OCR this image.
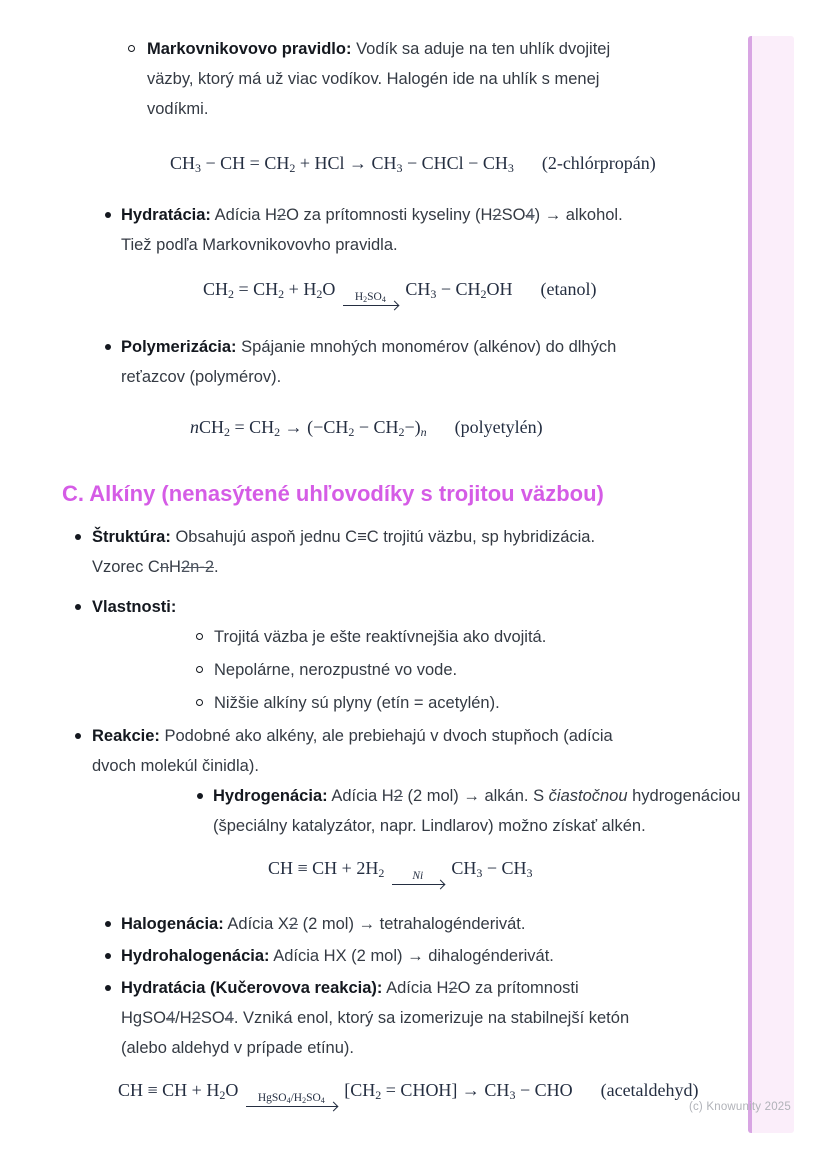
Markovnikovovo pravidlo: Vodík sa aduje na ten uhlík dvojitej
väzby, ktorý má už viac vodíkov. Halogén ide na uhlík s menej
vodíkmi.
$CH_3$ − CH = $CH_2$ + HCl → $CH_3$ − CHCl − $CH_3$ (2-chlórpropán)
Hydratácia: Adícia H2O za prítomnosti kyseliny (H2SO4) → alkohol.
Tiež podľa Markovnikovovho pravidla.
$CH_2 = CH_2 + H_2O$	$H_2SO_4$
$CH_3 - CH_2OH$ (etanol)
Polymerizácia: Spájanie mnohých monomérov (alkénov) do dlhých
reťazcov (polymérov).
$nCH_2 = CH_2 \to (-CH_2 - CH_2-)_n$ (polyetylén)
C. Alkíny (nenasýtené uhľovodíky s trojitou väzbou)
Štruktúra: Obsahujú aspoň jednu C≡C trojitú väzbu, sp hybridizácia.
Vzorec CnH2n-2.
Vlastnosti:
Trojitá väzba je ešte reaktívnejšia ako dvojitá.
Nepolárne, nerozpustné vo vode.
Nižšie alkíny sú plyny (etín = acetylén).
Reakcie: Podobné ako alkény, ale prebiehajú v dvoch stupňoch (adícia
dvoch molekúl činidla).
Hydrogenácia: Adícia H2 (2 mol) → alkán. S čiastočnou hydrogenáciou
(špeciálny katalyzátor, napr. Lindlarov) možno získať alkén.
CH ≡ CH + $2H_2$	Ni	$CH_3 - CH_3$
Halogenácia: Adícia X2 (2 mol) → tetrahalogénderivát.
Hydrohalogenácia: Adícia HX (2 mol) → dihalogénderivát.
Hydratácia (Kučerovova reakcia): Adícia H2O za prítomnosti
HgSO4/H2SO4. Vzniká enol, ktorý sa izomerizuje na stabilnejší ketón
(alebo aldehyd v prípade etínu).
CH ≡ CH + $H_2O$	$HgSO_4/H_2SO_4$
[$CH_2$ = CHOH] → $CH_3$ − CHO (acetaldehyd)
(c) Knowunity 2025
